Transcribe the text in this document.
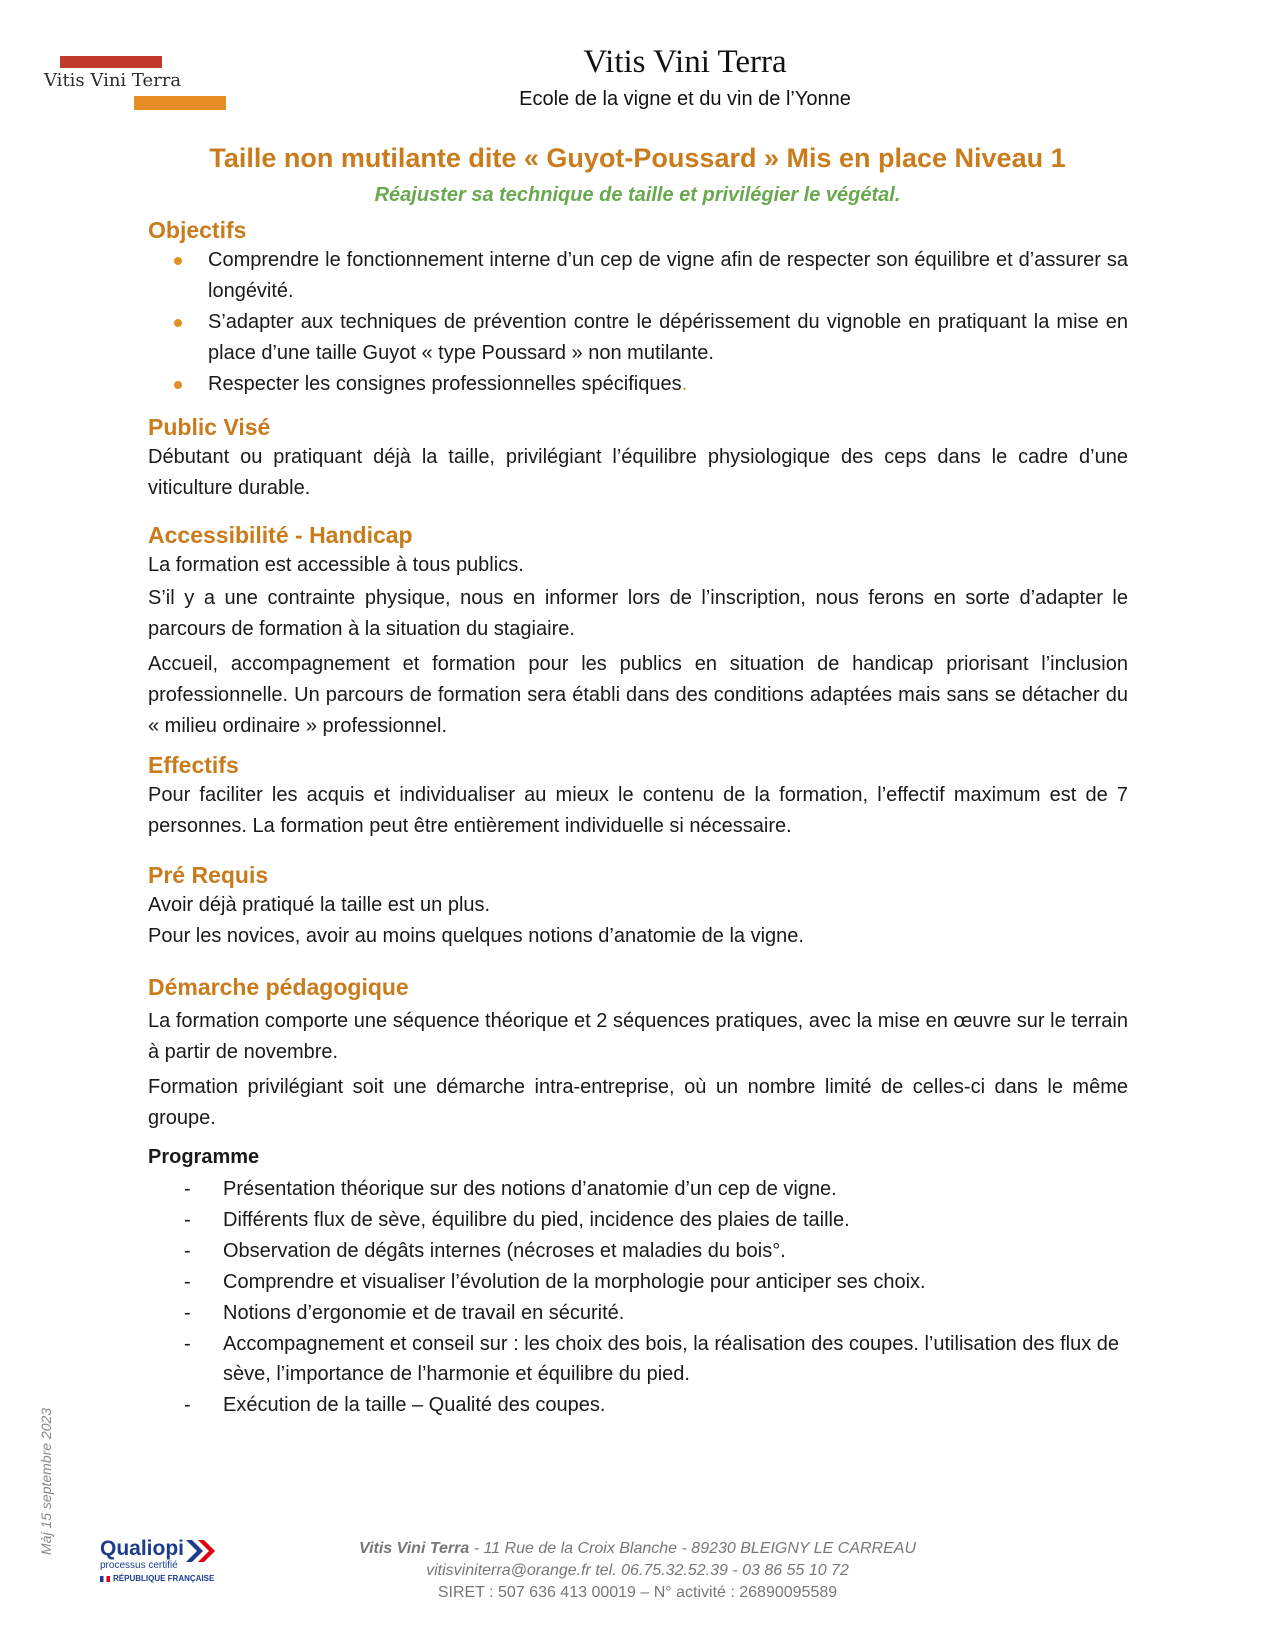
Vitis Vini Terra
Vitis Vini Terra
Ecole de la vigne et du vin de l’Yonne
Taille non mutilante dite « Guyot-Poussard » Mis en place Niveau 1
Réajuster sa technique de taille et privilégier le végétal.
Objectifs
Comprendre le fonctionnement interne d’un cep de vigne afin de respecter son équilibre et d’assurer sa longévité.
S’adapter aux techniques de prévention contre le dépérissement du vignoble en pratiquant la mise en place d’une taille Guyot « type Poussard » non mutilante.
Respecter les consignes professionnelles spécifiques.
Public Visé

Débutant ou pratiquant déjà la taille, privilégiant l’équilibre physiologique des ceps dans le cadre d’une viticulture durable.

Accessibilité - Handicap

La formation est accessible à tous publics.

S’il y a une contrainte physique, nous en informer lors de l’inscription, nous ferons en sorte d’adapter le parcours de formation à la situation du stagiaire.

Accueil, accompagnement et formation pour les publics en situation de handicap priorisant l’inclusion professionnelle. Un parcours de formation sera établi dans des conditions adaptées mais sans se détacher du « milieu ordinaire » professionnel.

Effectifs

Pour faciliter les acquis et individualiser au mieux le contenu de la formation, l’effectif maximum est de 7 personnes. La formation peut être entièrement individuelle si nécessaire.

Pré Requis

Avoir déjà pratiqué la taille est un plus.

Pour les novices, avoir au moins quelques notions d’anatomie de la vigne.

Démarche pédagogique

La formation comporte une séquence théorique et 2 séquences pratiques, avec la mise en œuvre sur le terrain à partir de novembre.

Formation privilégiant soit une démarche intra-entreprise, où un nombre limité de celles-ci dans le même groupe.

Programme
- Présentation théorique sur des notions d’anatomie d’un cep de vigne.
- Différents flux de sève, équilibre du pied, incidence des plaies de taille.
- Observation de dégâts internes (nécroses et maladies du bois°.
- Comprendre et visualiser l’évolution de la morphologie pour anticiper ses choix.
- Notions d’ergonomie et de travail en sécurité.
- Accompagnement et conseil sur : les choix des bois, la réalisation des coupes. l’utilisation des flux de sève, l’importance de l’harmonie et équilibre du pied.
- Exécution de la taille – Qualité des coupes.
Màj 15 septembre 2023 Qualiopi
processus certifié
RÉPUBLIQUE FRANÇAISE
Vitis Vini Terra - 11 Rue de la Croix Blanche - 89230 BLEIGNY LE CARREAU
vitisviniterra@orange.fr tel. 06.75.32.52.39 - 03 86 55 10 72
SIRET : 507 636 413 00019 – N° activité : 26890095589
